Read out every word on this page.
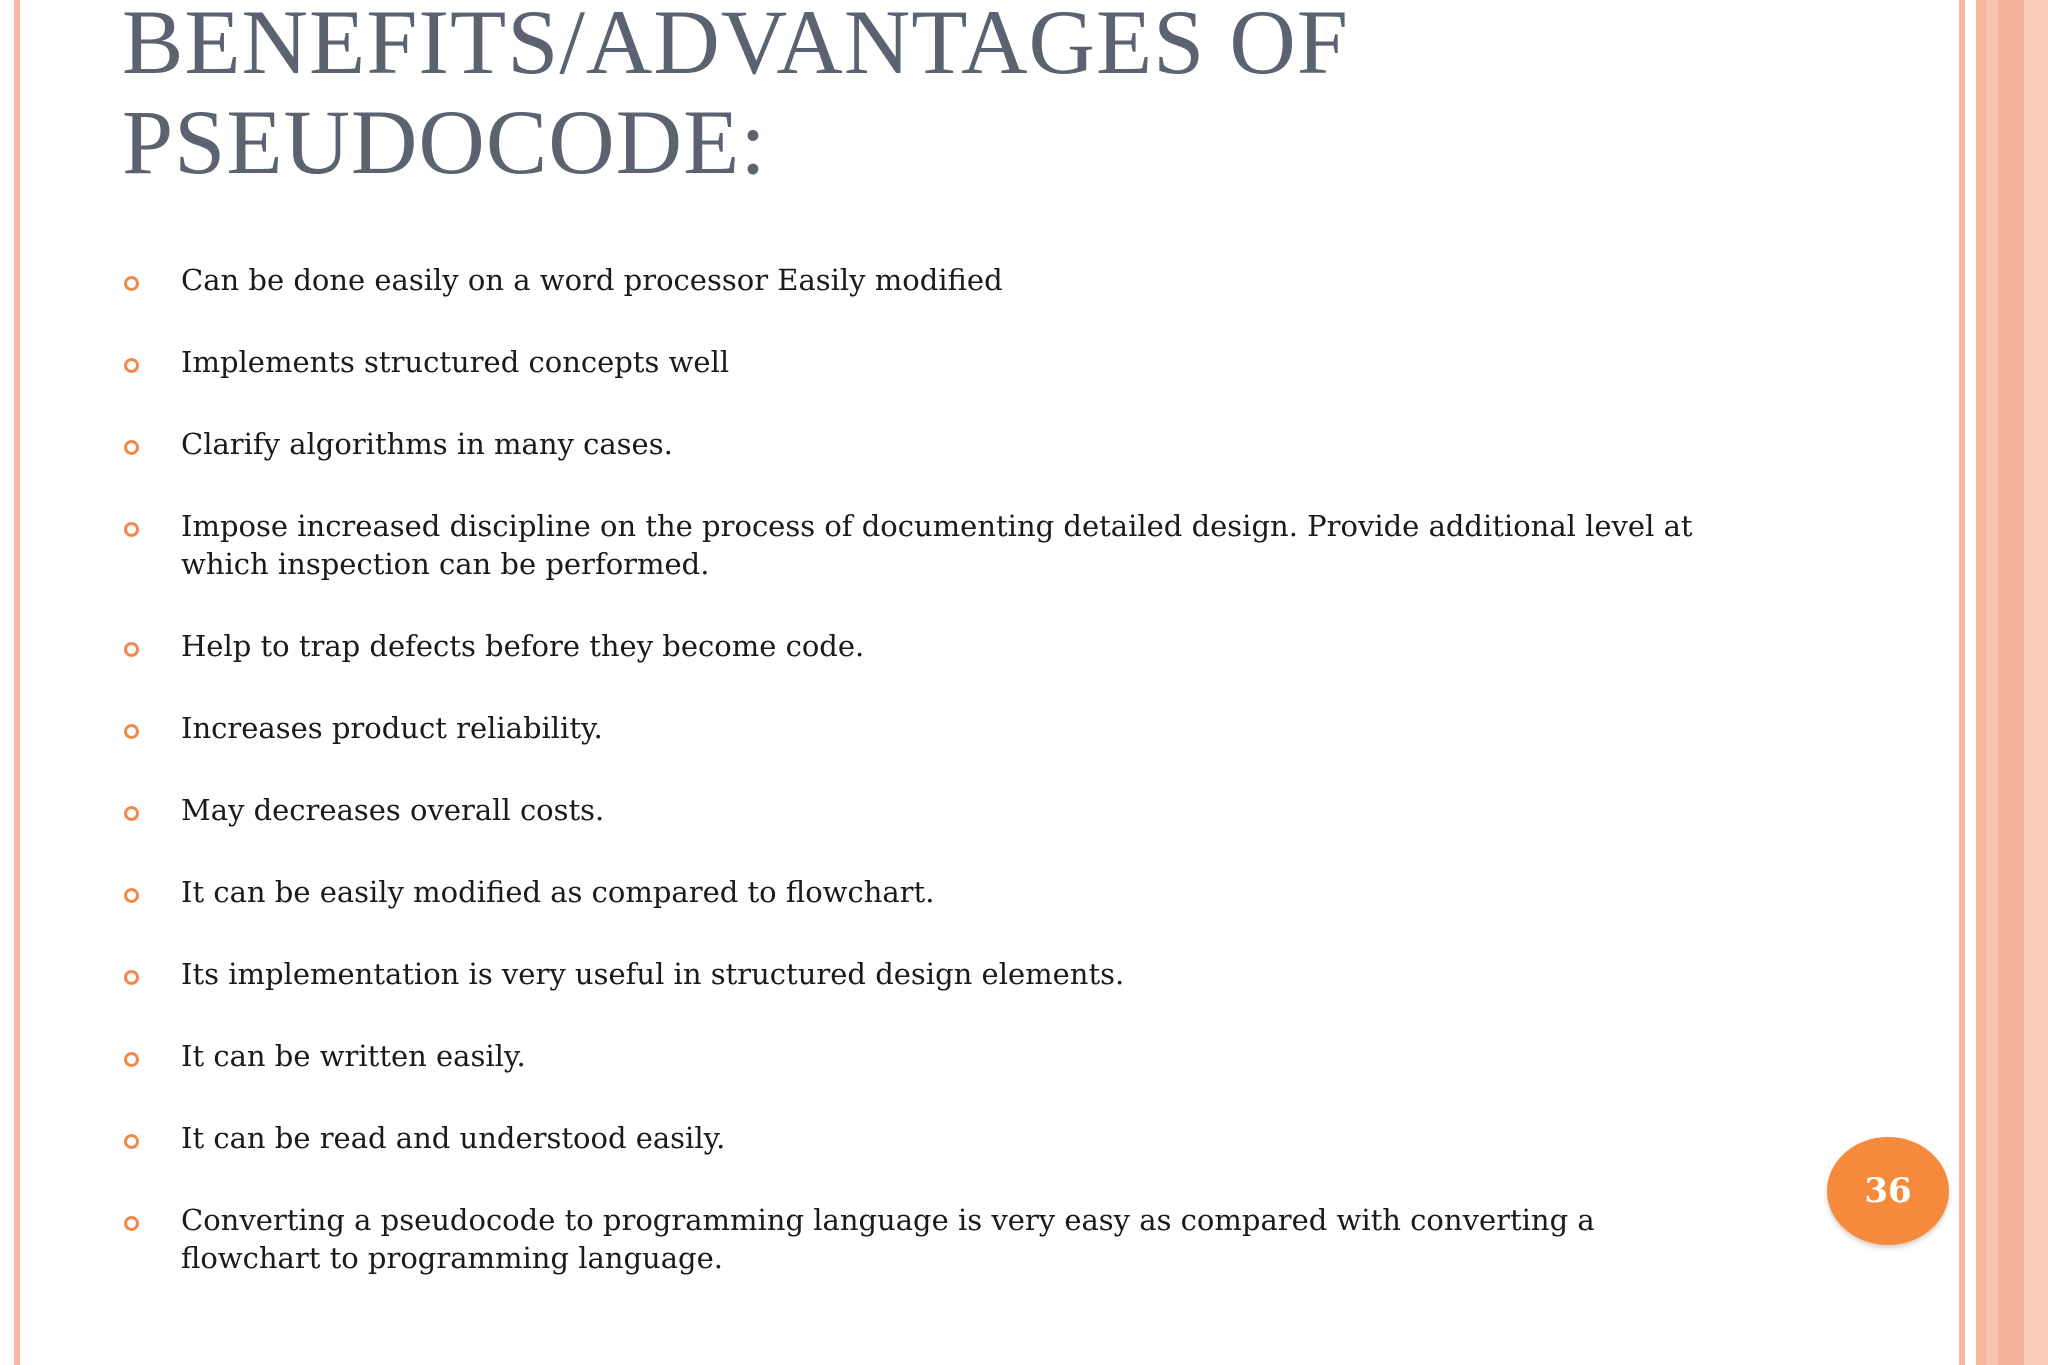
BENEFITS/ADVANTAGES OF
PSEUDOCODE:
Can be done easily on a word processor Easily modified
Implements structured concepts well
Clarify algorithms in many cases.
Impose increased discipline on the process of documenting detailed design. Provide additional level at which inspection can be performed.
Help to trap defects before they become code.
Increases product reliability.
May decreases overall costs.
It can be easily modified as compared to flowchart.
Its implementation is very useful in structured design elements.
It can be written easily.
It can be read and understood easily.
Converting a pseudocode to programming language is very easy as compared with converting a flowchart to programming language.
36
